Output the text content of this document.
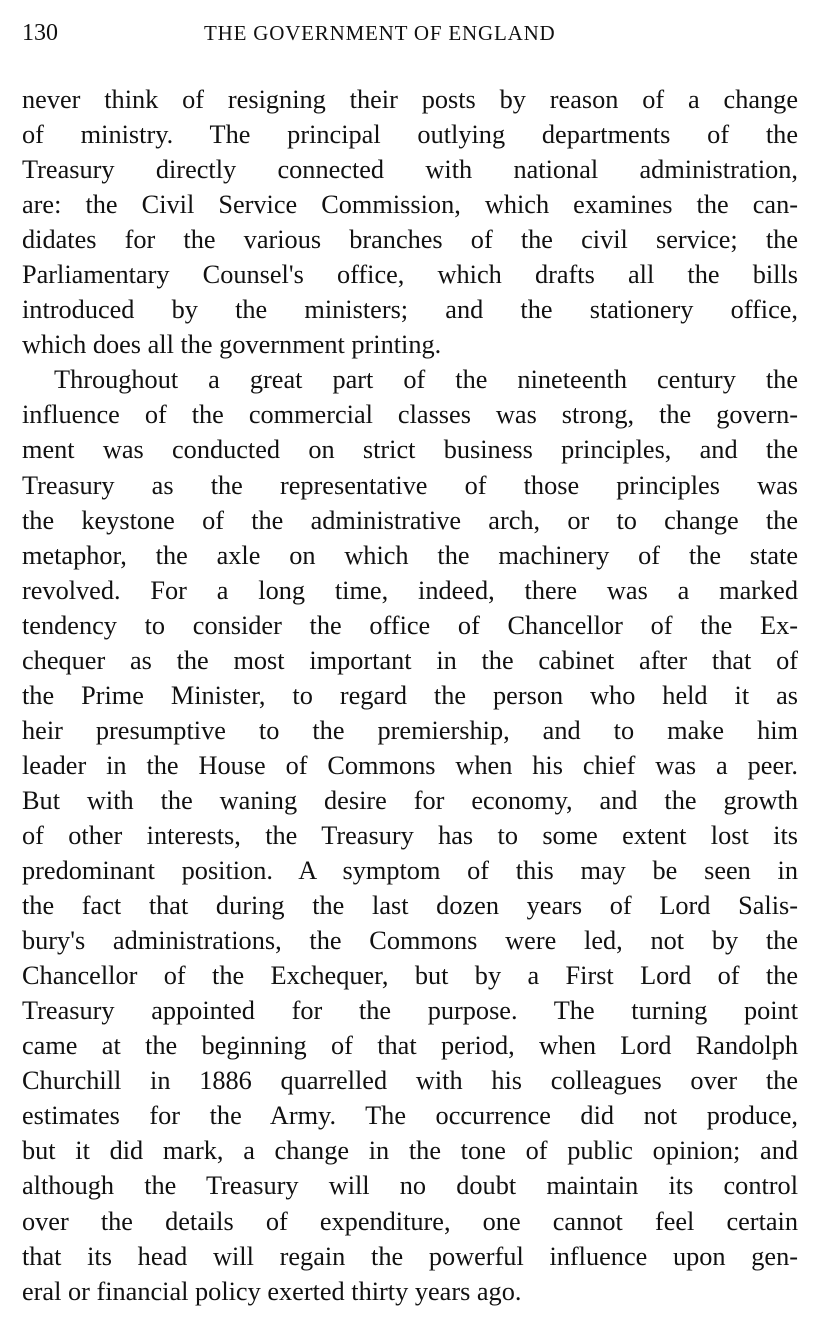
130	THE GOVERNMENT OF ENGLAND
never think of resigning their posts by reason of a change
of ministry. The principal outlying departments of the
Treasury directly connected with national administration,
are: the Civil Service Commission, which examines the can-
didates for the various branches of the civil service; the
Parliamentary Counsel's office, which drafts all the bills
introduced by the ministers; and the stationery office,
which does all the government printing.
Throughout a great part of the nineteenth century the
influence of the commercial classes was strong, the govern-
ment was conducted on strict business principles, and the
Treasury as the representative of those principles was
the keystone of the administrative arch, or to change the
metaphor, the axle on which the machinery of the state
revolved. For a long time, indeed, there was a marked
tendency to consider the office of Chancellor of the Ex-
chequer as the most important in the cabinet after that of
the Prime Minister, to regard the person who held it as
heir presumptive to the premiership, and to make him
leader in the House of Commons when his chief was a peer.
But with the waning desire for economy, and the growth
of other interests, the Treasury has to some extent lost its
predominant position. A symptom of this may be seen in
the fact that during the last dozen years of Lord Salis-
bury's administrations, the Commons were led, not by the
Chancellor of the Exchequer, but by a First Lord of the
Treasury appointed for the purpose. The turning point
came at the beginning of that period, when Lord Randolph
Churchill in 1886 quarrelled with his colleagues over the
estimates for the Army. The occurrence did not produce,
but it did mark, a change in the tone of public opinion; and
although the Treasury will no doubt maintain its control
over the details of expenditure, one cannot feel certain
that its head will regain the powerful influence upon gen-
eral or financial policy exerted thirty years ago.
